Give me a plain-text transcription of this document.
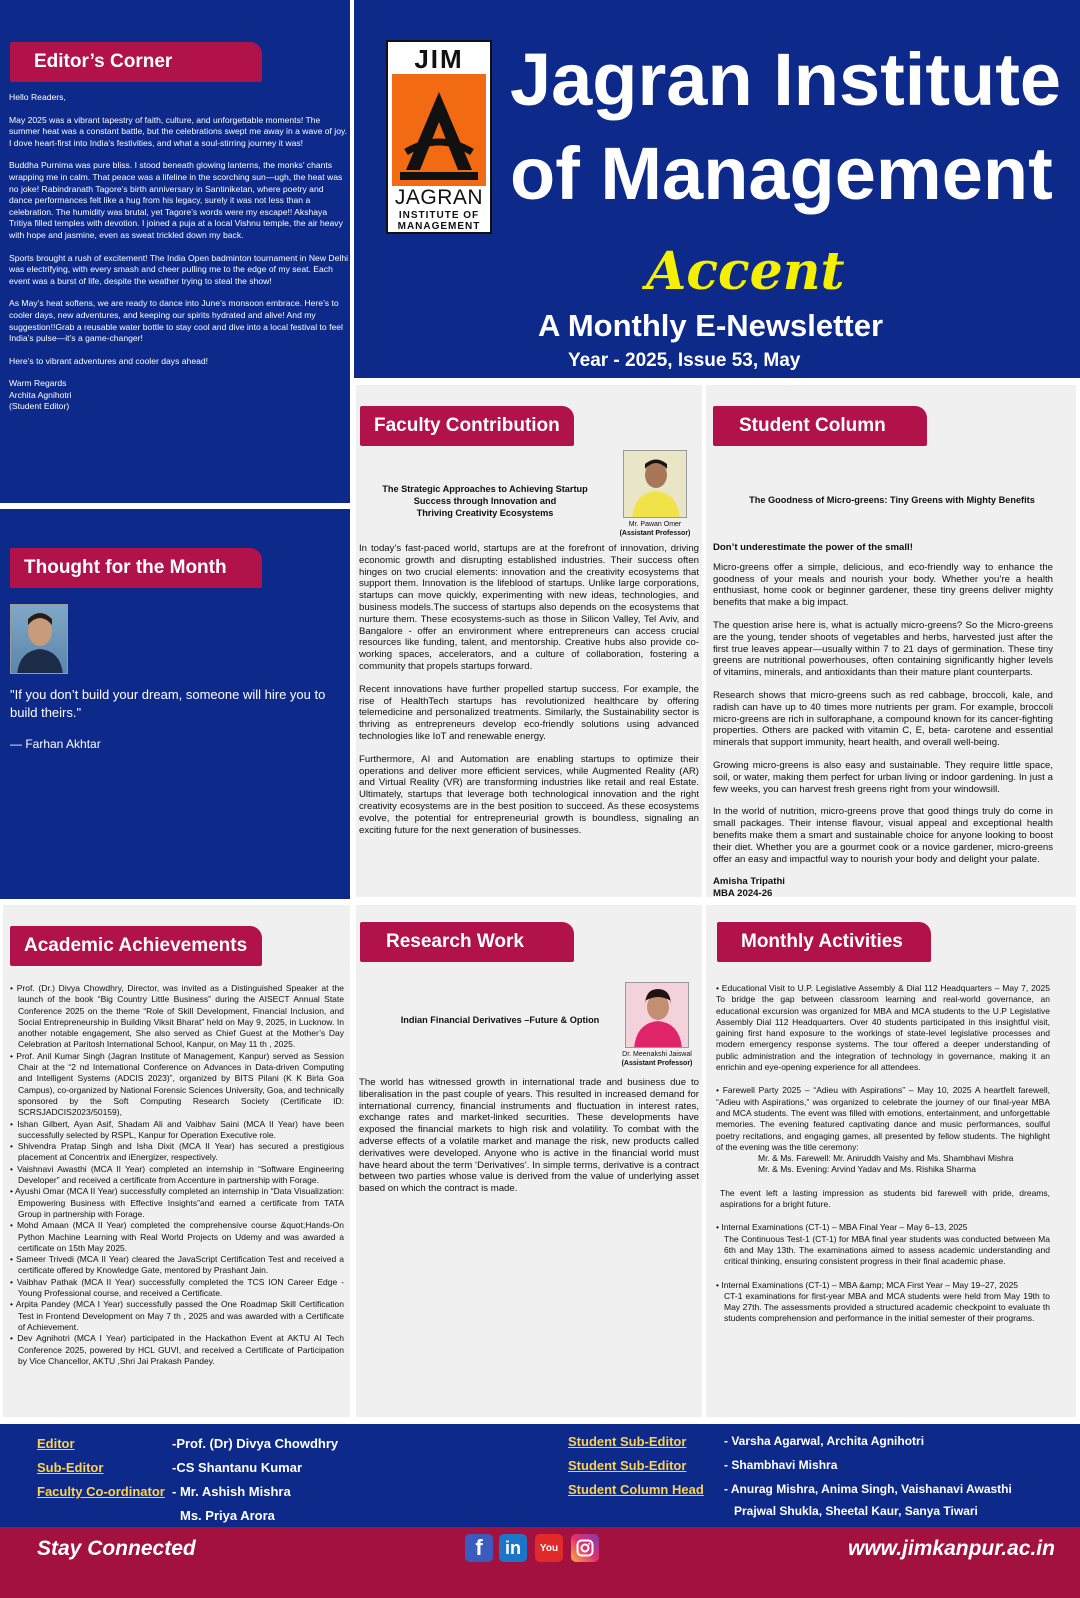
Editor’s Corner

Hello Readers,

May 2025 was a vibrant tapestry of faith, culture, and unforgettable moments! The summer heat was a constant battle, but the celebrations swept me away in a wave of joy. I dove heart-first into India’s festivities, and what a soul-stirring journey it was!

Buddha Purnima was pure bliss. I stood beneath glowing lanterns, the monks’ chants wrapping me in calm. That peace was a lifeline in the scorching sun—ugh, the heat was no joke! Rabindranath Tagore’s birth anniversary in Santiniketan, where poetry and dance performances felt like a hug from his legacy, surely it was not less than a celebration. The humidity was brutal, yet Tagore’s words were my escape!! Akshaya Tritiya filled temples with devotion. I joined a puja at a local Vishnu temple, the air heavy with hope and jasmine, even as sweat trickled down my back.

Sports brought a rush of excitement! The India Open badminton tournament in New Delhi was electrifying, with every smash and cheer pulling me to the edge of my seat. Each event was a burst of life, despite the weather trying to steal the show!

As May’s heat softens, we are ready to dance into June’s monsoon embrace. Here’s to cooler days, new adventures, and keeping our spirits hydrated and alive! And my suggestion!!Grab a reusable water bottle to stay cool and dive into a local festival to feel India’s pulse—it’s a game-changer!

Here’s to vibrant adventures and cooler days ahead!

Warm Regards

Archita Agnihotri

(Student Editor)

JIM
JAGRAN
INSTITUTE OF
MANAGEMENT
Jagran Institute
of Management
Accent
A Monthly E-Newsletter
Year - 2025, Issue 53, May
Thought for the Month
"If you don’t build your dream, someone will hire you to build theirs."
— Farhan Akhtar
Faculty Contribution
The Strategic Approaches to Achieving Startup
Success through Innovation and
Thriving Creativity Ecosystems
Mr. Pawan Omer
(Assistant Professor)

In today’s fast-paced world, startups are at the forefront of innovation, driving economic growth and disrupting established industries. Their success often hinges on two crucial elements: innovation and the creativity ecosystems that support them. Innovation is the lifeblood of startups. Unlike large corporations, startups can move quickly, experimenting with new ideas, technologies, and business models.The success of startups also depends on the ecosystems that nurture them. These ecosystems-such as those in Silicon Valley, Tel Aviv, and Bangalore - offer an environment where entrepreneurs can access crucial resources like funding, talent, and mentorship. Creative hubs also provide co-working spaces, accelerators, and a culture of collaboration, fostering a community that propels startups forward.

Recent innovations have further propelled startup success. For example, the rise of HealthTech startups has revolutionized healthcare by offering telemedicine and personalized treatments. Similarly, the Sustainability sector is thriving as entrepreneurs develop eco-friendly solutions using advanced technologies like IoT and renewable energy.

Furthermore, AI and Automation are enabling startups to optimize their operations and deliver more efficient services, while Augmented Reality (AR) and Virtual Reality (VR) are transforming industries like retail and real Estate. Ultimately, startups that leverage both technological innovation and the right creativity ecosystems are in the best position to succeed. As these ecosystems evolve, the potential for entrepreneurial growth is boundless, signaling an exciting future for the next generation of businesses.

Student Column
The Goodness of Micro-greens: Tiny Greens with Mighty Benefits

Don’t underestimate the power of the small!

Micro-greens offer a simple, delicious, and eco-friendly way to enhance the goodness of your meals and nourish your body. Whether you’re a health enthusiast, home cook or beginner gardener, these tiny greens deliver mighty benefits that make a big impact.

The question arise here is, what is actually micro-greens? So the Micro-greens are the young, tender shoots of vegetables and herbs, harvested just after the first true leaves appear—usually within 7 to 21 days of germination. These tiny greens are nutritional powerhouses, often containing significantly higher levels of vitamins, minerals, and antioxidants than their mature plant counterparts.

Research shows that micro-greens such as red cabbage, broccoli, kale, and radish can have up to 40 times more nutrients per gram. For example, broccoli micro-greens are rich in sulforaphane, a compound known for its cancer-fighting properties. Others are packed with vitamin C, E, beta- carotene and essential minerals that support immunity, heart health, and overall well-being.

Growing micro-greens is also easy and sustainable. They require little space, soil, or water, making them perfect for urban living or indoor gardening. In just a few weeks, you can harvest fresh greens right from your windowsill.

In the world of nutrition, micro-greens prove that good things truly do come in small packages. Their intense flavour, visual appeal and exceptional health benefits make them a smart and sustainable choice for anyone looking to boost their diet. Whether you are a gourmet cook or a novice gardener, micro-greens offer an easy and impactful way to nourish your body and delight your palate.

Amisha Tripathi
MBA 2024-26
Academic Achievements
• Prof. (Dr.) Divya Chowdhry, Director, was invited as a Distinguished Speaker at the launch of the book “Big Country Little Business” during the AISECT Annual State Conference 2025 on the theme “Role of Skill Development, Financial Inclusion, and Social Entrepreneurship in Building Viksit Bharat” held on May 9, 2025, in Lucknow. In another notable engagement, She also served as Chief Guest at the Mother’s Day Celebration at Paritosh International School, Kanpur, on May 11 th , 2025.
• Prof. Anil Kumar Singh (Jagran Institute of Management, Kanpur) served as Session Chair at the “2 nd International Conference on Advances in Data-driven Computing and Intelligent Systems (ADCIS 2023)”, organized by BITS Pilani (K K Birla Goa Campus), co-organized by National Forensic Sciences University, Goa, and technically sponsored by the Soft Computing Research Society (Certificate ID: SCRSJADCIS2023/50159),
• Ishan Gilbert, Ayan Asif, Shadam Ali and Vaibhav Saini (MCA II Year) have been successfully selected by RSPL, Kanpur for Operation Executive role.
• Shivendra Pratap Singh and Isha Dixit (MCA II Year) has secured a prestigious placement at Concentrix and iEnergizer, respectively.
• Vaishnavi Awasthi (MCA II Year) completed an internship in “Software Engineering Developer” and received a certificate from Accenture in partnership with Forage.
• Ayushi Omar (MCA II Year) successfully completed an internship in “Data Visualization: Empowering Business with Effective Insights”and earned a certificate from TATA Group in partnership with Forage.
• Mohd Amaan (MCA II Year) completed the comprehensive course &quot;Hands-On Python Machine Learning with Real World Projects on Udemy and was awarded a certificate on 15th May 2025.
• Sameer Trivedi (MCA II Year) cleared the JavaScript Certification Test and received a certificate offered by Knowledge Gate, mentored by Prashant Jain.
• Vaibhav Pathak (MCA II Year) successfully completed the TCS ION Career Edge - Young Professional course, and received a Certificate.
• Arpita Pandey (MCA I Year) successfully passed the One Roadmap Skill Certification Test in Frontend Development on May 7 th , 2025 and was awarded with a Certificate of Achievement.
• Dev Agnihotri (MCA I Year) participated in the Hackathon Event at AKTU AI Tech Conference 2025, powered by HCL GUVI, and received a Certificate of Participation by Vice Chancellor, AKTU ,Shri Jai Prakash Pandey.
Research Work
Indian Financial Derivatives –Future & Option
Dr. Meenakshi Jaiswal
(Assistant Professor)
The world has witnessed growth in international trade and business due to liberalisation in the past couple of years. This resulted in increased demand for international currency, financial instruments and fluctuation in interest rates, exchange rates and market-linked securities. These developments have exposed the financial markets to high risk and volatility. To combat with the adverse effects of a volatile market and manage the risk, new products called derivatives were developed. Anyone who is active in the financial world must have heard about the term ‘Derivatives’. In simple terms, derivative is a contract between two parties whose value is derived from the value of underlying asset based on which the contract is made.
Monthly Activities
• Educational Visit to U.P. Legislative Assembly & Dial 112 Headquarters – May 7, 2025 To bridge the gap between classroom learning and real-world governance, an educational excursion was organized for MBA and MCA students to the U.P Legislative Assembly Dial 112 Headquarters. Over 40 students participated in this insightful visit, gaining first hand exposure to the workings of state-level legislative processes and modern emergency response systems. The tour offered a deeper understanding of public administration and the integration of technology in governance, making it an enrichin and eye-opening experience for all attendees.
• Farewell Party 2025 – “Adieu with Aspirations” – May 10, 2025 A heartfelt farewell, “Adieu with Aspirations,” was organized to celebrate the journey of our final-year MBA and MCA students. The event was filled with emotions, entertainment, and unforgettable memories. The evening featured captivating dance and music performances, soulful poetry recitations, and engaging games, all presented by fellow students. The highlight of the evening was the title ceremony:
Mr. & Ms. Farewell: Mr. Aniruddh Vaishy and Ms. Shambhavi Mishra
Mr. & Ms. Evening: Arvind Yadav and Ms. Rishika Sharma
The event left a lasting impression as students bid farewell with pride, dreams, aspirations for a bright future.
• Internal Examinations (CT-1) – MBA Final Year – May 6–13, 2025
The Continuous Test-1 (CT-1) for MBA final year students was conducted between Ma 6th and May 13th. The examinations aimed to assess academic understanding and critical thinking, ensuring consistent progress in their final academic phase.
• Internal Examinations (CT-1) – MBA &amp; MCA First Year – May 19–27, 2025
CT-1 examinations for first-year MBA and MCA students were held from May 19th to May 27th. The assessments provided a structured academic checkpoint to evaluate th students comprehension and performance in the initial semester of their programs.
Editor	-Prof. (Dr) Divya Chowdhry
Sub-Editor	-CS Shantanu Kumar
Faculty Co-ordinator - Mr. Ashish Mishra
Ms. Priya Arora
Student Sub-Editor	- Varsha Agarwal, Archita Agnihotri
Student Sub-Editor	- Shambhavi Mishra
Student Column Head - Anurag Mishra, Anima Singh, Vaishanavi Awasthi
Prajwal Shukla, Sheetal Kaur, Sanya Tiwari
Stay Connected	f	in	You	www.jimkanpur.ac.in
